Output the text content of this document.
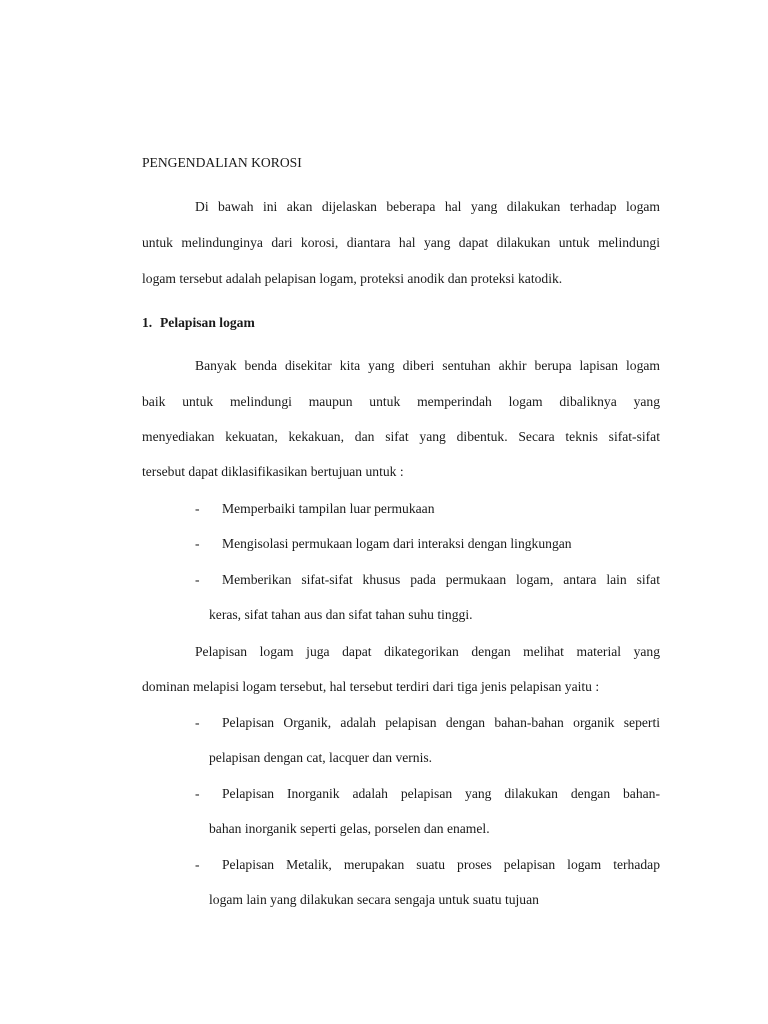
PENGENDALIAN KOROSI
Di bawah ini akan dijelaskan beberapa hal yang dilakukan terhadap logam
untuk melindunginya dari korosi, diantara hal yang dapat dilakukan untuk melindungi
logam tersebut adalah pelapisan logam, proteksi anodik dan proteksi katodik.
1. Pelapisan logam
Banyak benda disekitar kita yang diberi sentuhan akhir berupa lapisan logam
baik untuk melindungi maupun untuk memperindah logam dibaliknya yang
menyediakan kekuatan, kekakuan, dan sifat yang dibentuk. Secara teknis sifat-sifat
tersebut dapat diklasifikasikan bertujuan untuk :
- Memperbaiki tampilan luar permukaan
- Mengisolasi permukaan logam dari interaksi dengan lingkungan
- Memberikan sifat-sifat khusus pada permukaan logam, antara lain sifat
keras, sifat tahan aus dan sifat tahan suhu tinggi.
Pelapisan logam juga dapat dikategorikan dengan melihat material yang
dominan melapisi logam tersebut, hal tersebut terdiri dari tiga jenis pelapisan yaitu :
- Pelapisan Organik, adalah pelapisan dengan bahan-bahan organik seperti
pelapisan dengan cat, lacquer dan vernis.
- Pelapisan Inorganik adalah pelapisan yang dilakukan dengan bahan-
bahan inorganik seperti gelas, porselen dan enamel.
- Pelapisan Metalik, merupakan suatu proses pelapisan logam terhadap
logam lain yang dilakukan secara sengaja untuk suatu tujuan
